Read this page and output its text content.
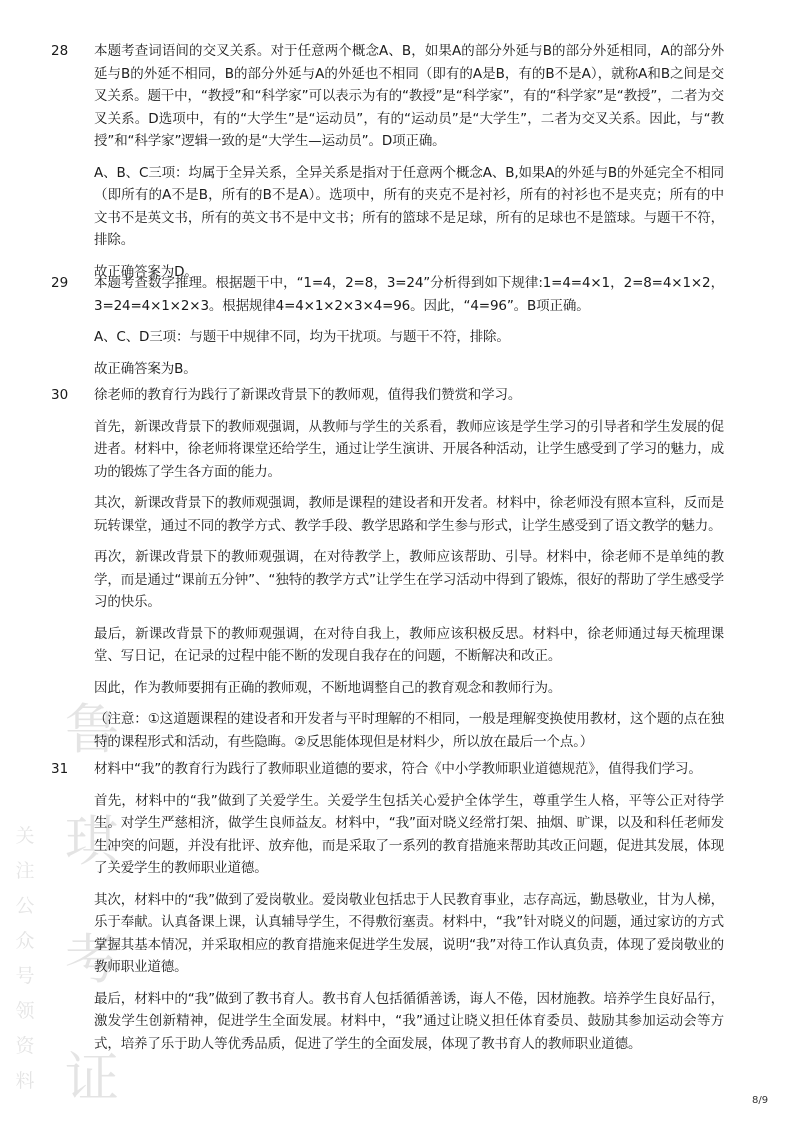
鲁
琪
考
证
关
注
公
众
号
领
资
料
28 本题考查词语间的交叉关系。对于任意两个概念A、B，如果A的部分外延与B的部分外延相同，A的部分外延与B的外延不相同，B的部分外延与A的外延也不相同（即有的A是B，有的B不是A），就称A和B之间是交叉关系。题干中，“教授”和“科学家”可以表示为有的“教授”是“科学家”，有的“科学家”是“教授”，二者为交叉关系。D选项中，有的“大学生”是“运动员”，有的“运动员”是“大学生”，二者为交叉关系。因此，与“教授”和“科学家”逻辑一致的是“大学生—运动员”。D项正确。

A、B、C三项：均属于全异关系，全异关系是指对于任意两个概念A、B,如果A的外延与B的外延完全不相同（即所有的A不是B，所有的B不是A）。选项中，所有的夹克不是衬衫，所有的衬衫也不是夹克；所有的中文书不是英文书，所有的英文书不是中文书；所有的篮球不是足球，所有的足球也不是篮球。与题干不符，排除。

故正确答案为D。

29 本题考查数字推理。根据题干中，“1=4，2=8，3=24”分析得到如下规律:1=4=4×1，2=8=4×1×2，3=24=4×1×2×3。根据规律4=4×1×2×3×4=96。因此，“4=96”。B项正确。

A、C、D三项：与题干中规律不同，均为干扰项。与题干不符，排除。

故正确答案为B。

30 徐老师的教育行为践行了新课改背景下的教师观，值得我们赞赏和学习。

首先，新课改背景下的教师观强调，从教师与学生的关系看，教师应该是学生学习的引导者和学生发展的促进者。材料中，徐老师将课堂还给学生，通过让学生演讲、开展各种活动，让学生感受到了学习的魅力，成功的锻炼了学生各方面的能力。

其次，新课改背景下的教师观强调，教师是课程的建设者和开发者。材料中，徐老师没有照本宣科，反而是玩转课堂，通过不同的教学方式、教学手段、教学思路和学生参与形式，让学生感受到了语文教学的魅力。

再次，新课改背景下的教师观强调，在对待教学上，教师应该帮助、引导。材料中，徐老师不是单纯的教学，而是通过“课前五分钟”、“独特的教学方式”让学生在学习活动中得到了锻炼，很好的帮助了学生感受学习的快乐。

最后，新课改背景下的教师观强调，在对待自我上，教师应该积极反思。材料中，徐老师通过每天梳理课堂、写日记，在记录的过程中能不断的发现自我存在的问题，不断解决和改正。

因此，作为教师要拥有正确的教师观，不断地调整自己的教育观念和教师行为。

（注意：①这道题课程的建设者和开发者与平时理解的不相同，一般是理解变换使用教材，这个题的点在独特的课程形式和活动，有些隐晦。②反思能体现但是材料少，所以放在最后一个点。）

31 材料中“我”的教育行为践行了教师职业道德的要求，符合《中小学教师职业道德规范》，值得我们学习。

首先，材料中的“我”做到了关爱学生。关爱学生包括关心爱护全体学生，尊重学生人格，平等公正对待学生。对学生严慈相济，做学生良师益友。材料中，“我”面对晓义经常打架、抽烟、旷课，以及和科任老师发生冲突的问题，并没有批评、放弃他，而是采取了一系列的教育措施来帮助其改正问题，促进其发展，体现了关爱学生的教师职业道德。

其次，材料中的“我”做到了爱岗敬业。爱岗敬业包括忠于人民教育事业，志存高远，勤恳敬业，甘为人梯，乐于奉献。认真备课上课，认真辅导学生，不得敷衍塞责。材料中，“我”针对晓义的问题，通过家访的方式掌握其基本情况，并采取相应的教育措施来促进学生发展，说明“我”对待工作认真负责，体现了爱岗敬业的教师职业道德。

最后，材料中的“我”做到了教书育人。教书育人包括循循善诱，诲人不倦，因材施教。培养学生良好品行，激发学生创新精神，促进学生全面发展。材料中，“我”通过让晓义担任体育委员、鼓励其参加运动会等方式，培养了乐于助人等优秀品质，促进了学生的全面发展，体现了教书育人的教师职业道德。

8/9
